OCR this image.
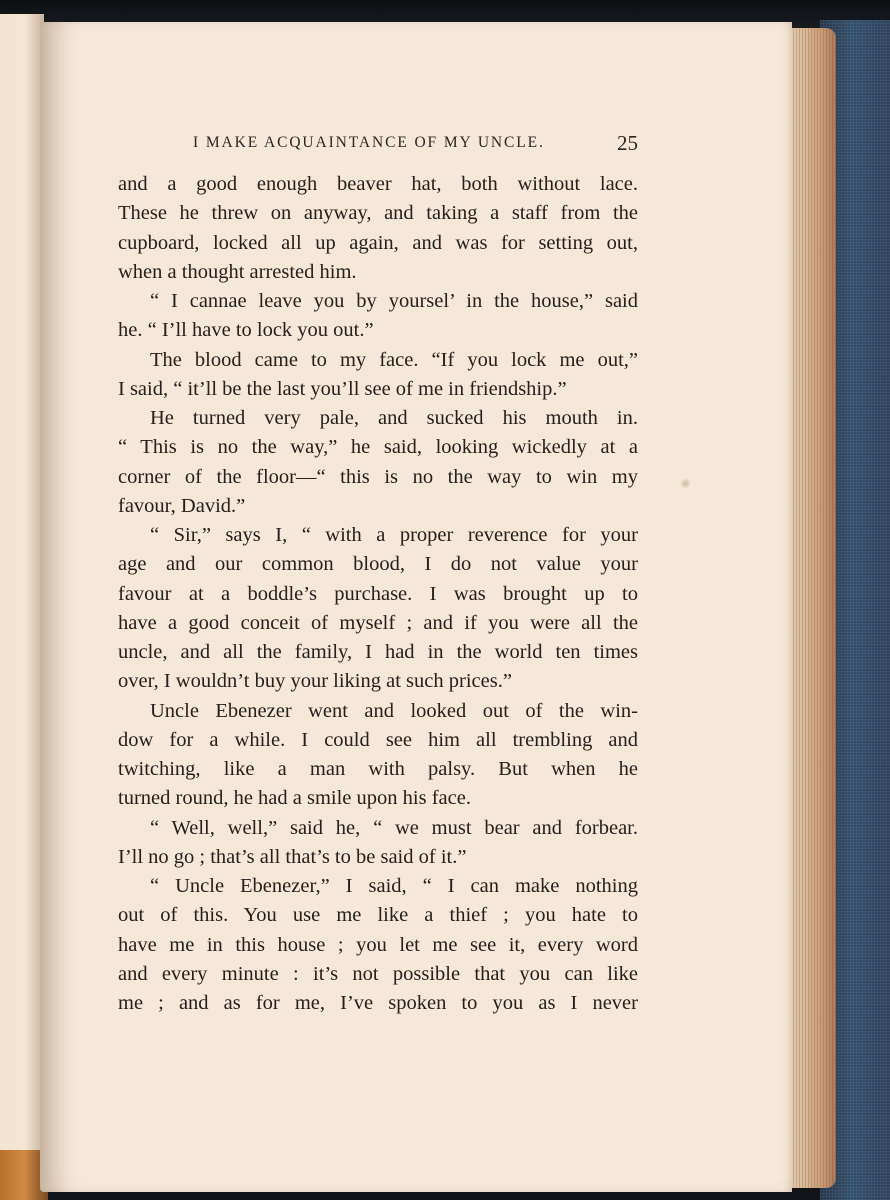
I MAKE ACQUAINTANCE OF MY UNCLE.	25
and a good enough beaver hat, both without lace.
These he threw on anyway, and taking a staff from the
cupboard, locked all up again, and was for setting out,
when a thought arrested him.
“ I cannae leave you by yoursel’ in the house,” said
he. “ I’ll have to lock you out.”
The blood came to my face. “If you lock me out,”
I said, “ it’ll be the last you’ll see of me in friendship.”
He turned very pale, and sucked his mouth in.
“ This is no the way,” he said, looking wickedly at a
corner of the floor—“ this is no the way to win my
favour, David.”
“ Sir,” says I, “ with a proper reverence for your
age and our common blood, I do not value your
favour at a boddle’s purchase. I was brought up to
have a good conceit of myself ; and if you were all the
uncle, and all the family, I had in the world ten times
over, I wouldn’t buy your liking at such prices.”
Uncle Ebenezer went and looked out of the win-
dow for a while. I could see him all trembling and
twitching, like a man with palsy. But when he
turned round, he had a smile upon his face.
“ Well, well,” said he, “ we must bear and forbear.
I’ll no go ; that’s all that’s to be said of it.”
“ Uncle Ebenezer,” I said, “ I can make nothing
out of this. You use me like a thief ; you hate to
have me in this house ; you let me see it, every word
and every minute : it’s not possible that you can like
me ; and as for me, I’ve spoken to you as I never
